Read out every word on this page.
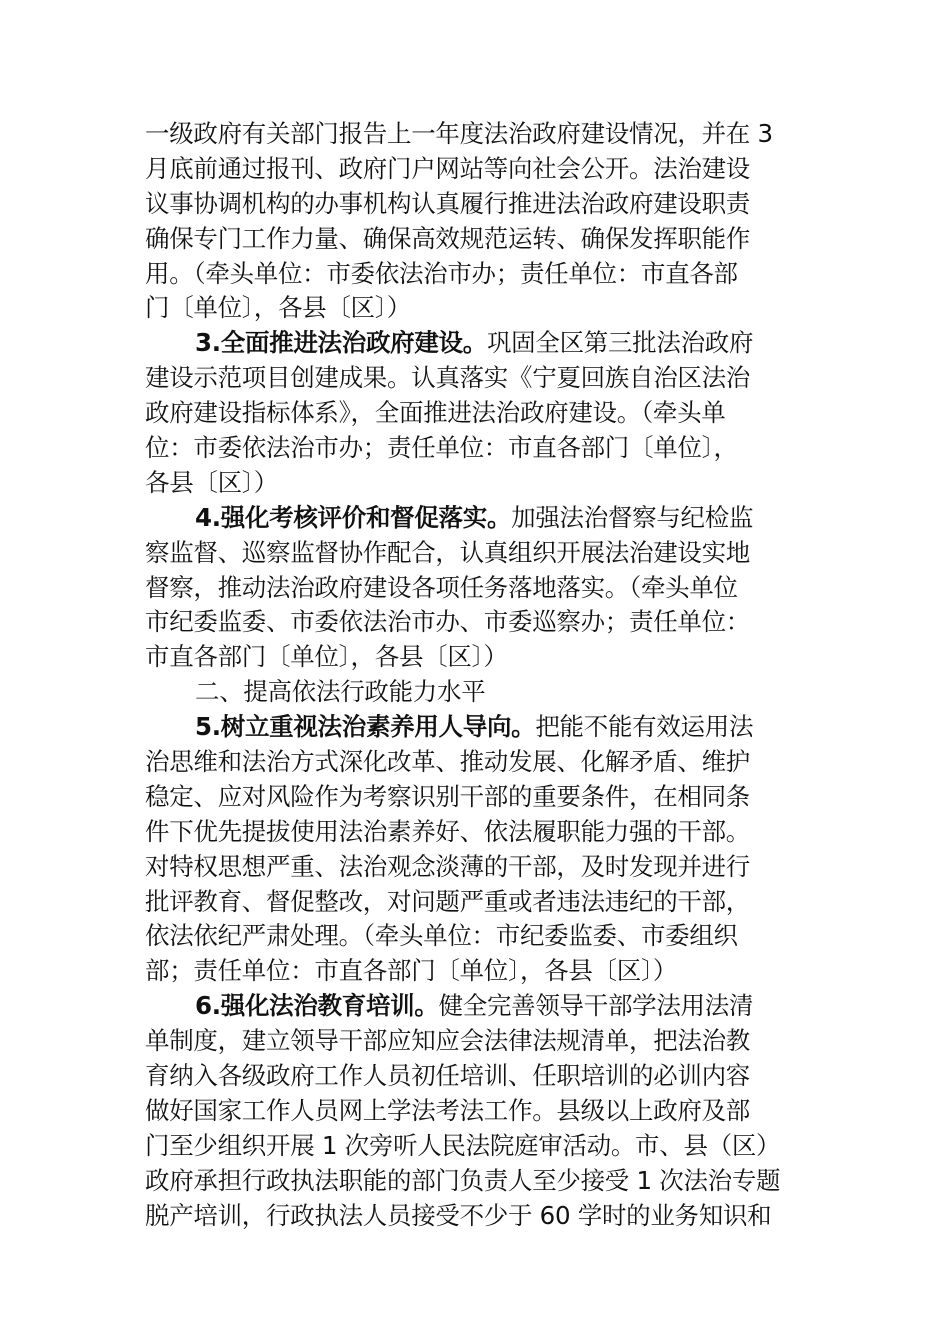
一级政府有关部门报告上一年度法治政府建设情况，并在 3
月底前通过报刊、政府门户网站等向社会公开。法治建设
议事协调机构的办事机构认真履行推进法治政府建设职责
确保专门工作力量、确保高效规范运转、确保发挥职能作
用。（牵头单位：市委依法治市办；责任单位：市直各部
门〔单位〕，各县〔区〕）
3.全面推进法治政府建设。巩固全区第三批法治政府
建设示范项目创建成果。认真落实《宁夏回族自治区法治
政府建设指标体系》，全面推进法治政府建设。（牵头单
位：市委依法治市办；责任单位：市直各部门〔单位〕，
各县〔区〕）
4.强化考核评价和督促落实。加强法治督察与纪检监
察监督、巡察监督协作配合，认真组织开展法治建设实地
督察，推动法治政府建设各项任务落地落实。（牵头单位
市纪委监委、市委依法治市办、市委巡察办；责任单位：
市直各部门〔单位〕，各县〔区〕）
二、提高依法行政能力水平
5.树立重视法治素养用人导向。把能不能有效运用法
治思维和法治方式深化改革、推动发展、化解矛盾、维护
稳定、应对风险作为考察识别干部的重要条件，在相同条
件下优先提拔使用法治素养好、依法履职能力强的干部。
对特权思想严重、法治观念淡薄的干部，及时发现并进行
批评教育、督促整改，对问题严重或者违法违纪的干部，
依法依纪严肃处理。（牵头单位：市纪委监委、市委组织
部；责任单位：市直各部门〔单位〕，各县〔区〕）
6.强化法治教育培训。健全完善领导干部学法用法清
单制度，建立领导干部应知应会法律法规清单，把法治教
育纳入各级政府工作人员初任培训、任职培训的必训内容
做好国家工作人员网上学法考法工作。县级以上政府及部
门至少组织开展 1 次旁听人民法院庭审活动。市、县（区）
政府承担行政执法职能的部门负责人至少接受 1 次法治专题
脱产培训，行政执法人员接受不少于 60 学时的业务知识和
